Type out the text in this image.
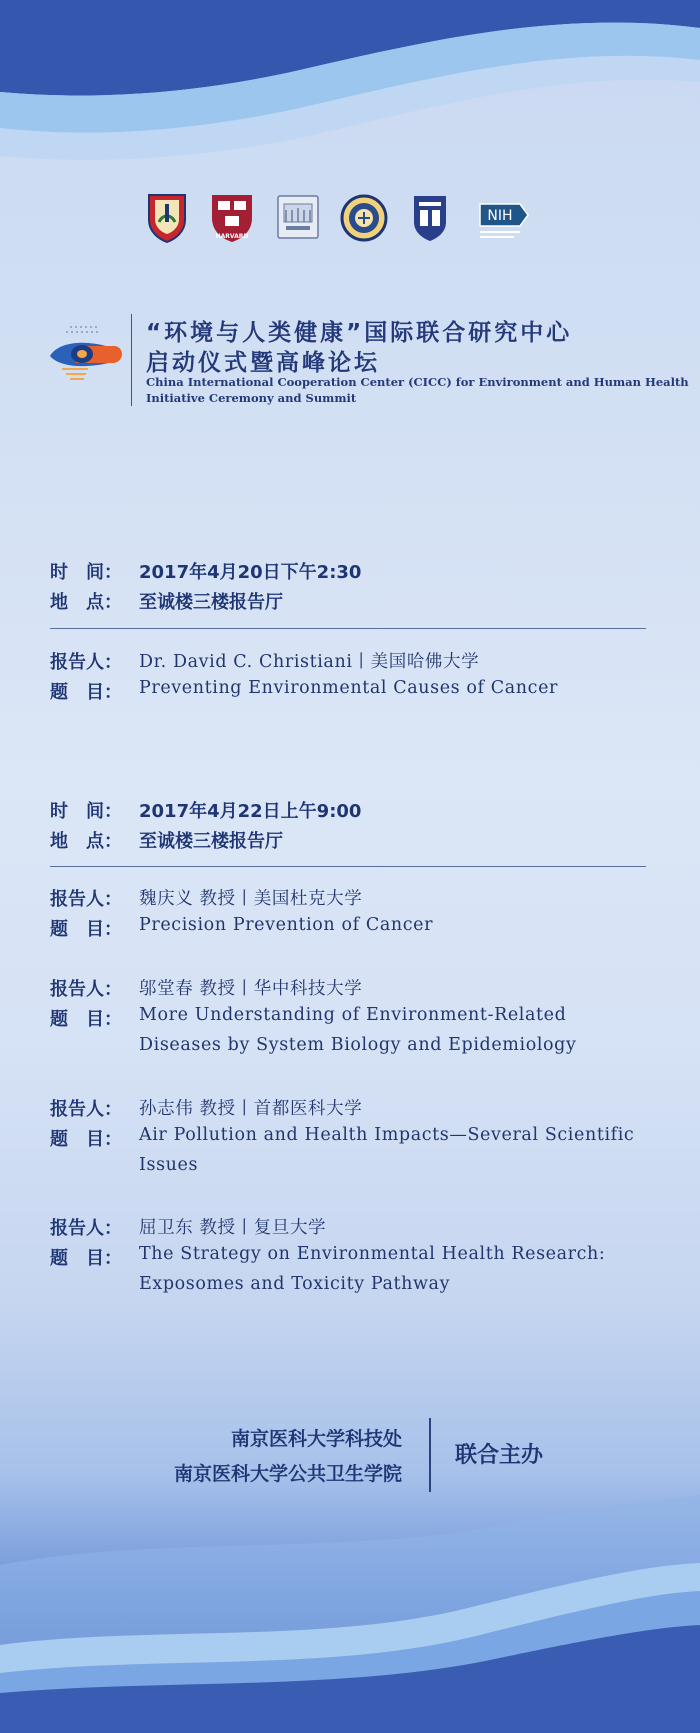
HARVARD
NIH
“环境与人类健康”国际联合研究中心
启动仪式暨高峰论坛
China International Cooperation Center (CICC) for Environment and Human Health
Initiative Ceremony and Summit
时　间： 2017年4月20日下午2:30
地　点： 至诚楼三楼报告厅
报告人： Dr. David C. Christiani丨美国哈佛大学
题　目： Preventing Environmental Causes of Cancer
时　间： 2017年4月22日上午9:00
地　点： 至诚楼三楼报告厅
报告人： 魏庆义 教授丨美国杜克大学
题　目： Precision Prevention of Cancer
报告人： 邬堂春 教授丨华中科技大学
题　目： More Understanding of Environment-Related
Diseases by System Biology and Epidemiology
报告人： 孙志伟 教授丨首都医科大学
题　目： Air Pollution and Health Impacts—Several Scientific
Issues
报告人： 屈卫东 教授丨复旦大学
题　目： The Strategy on Environmental Health Research:
Exposomes and Toxicity Pathway
南京医科大学科技处
南京医科大学公共卫生学院
联合主办
